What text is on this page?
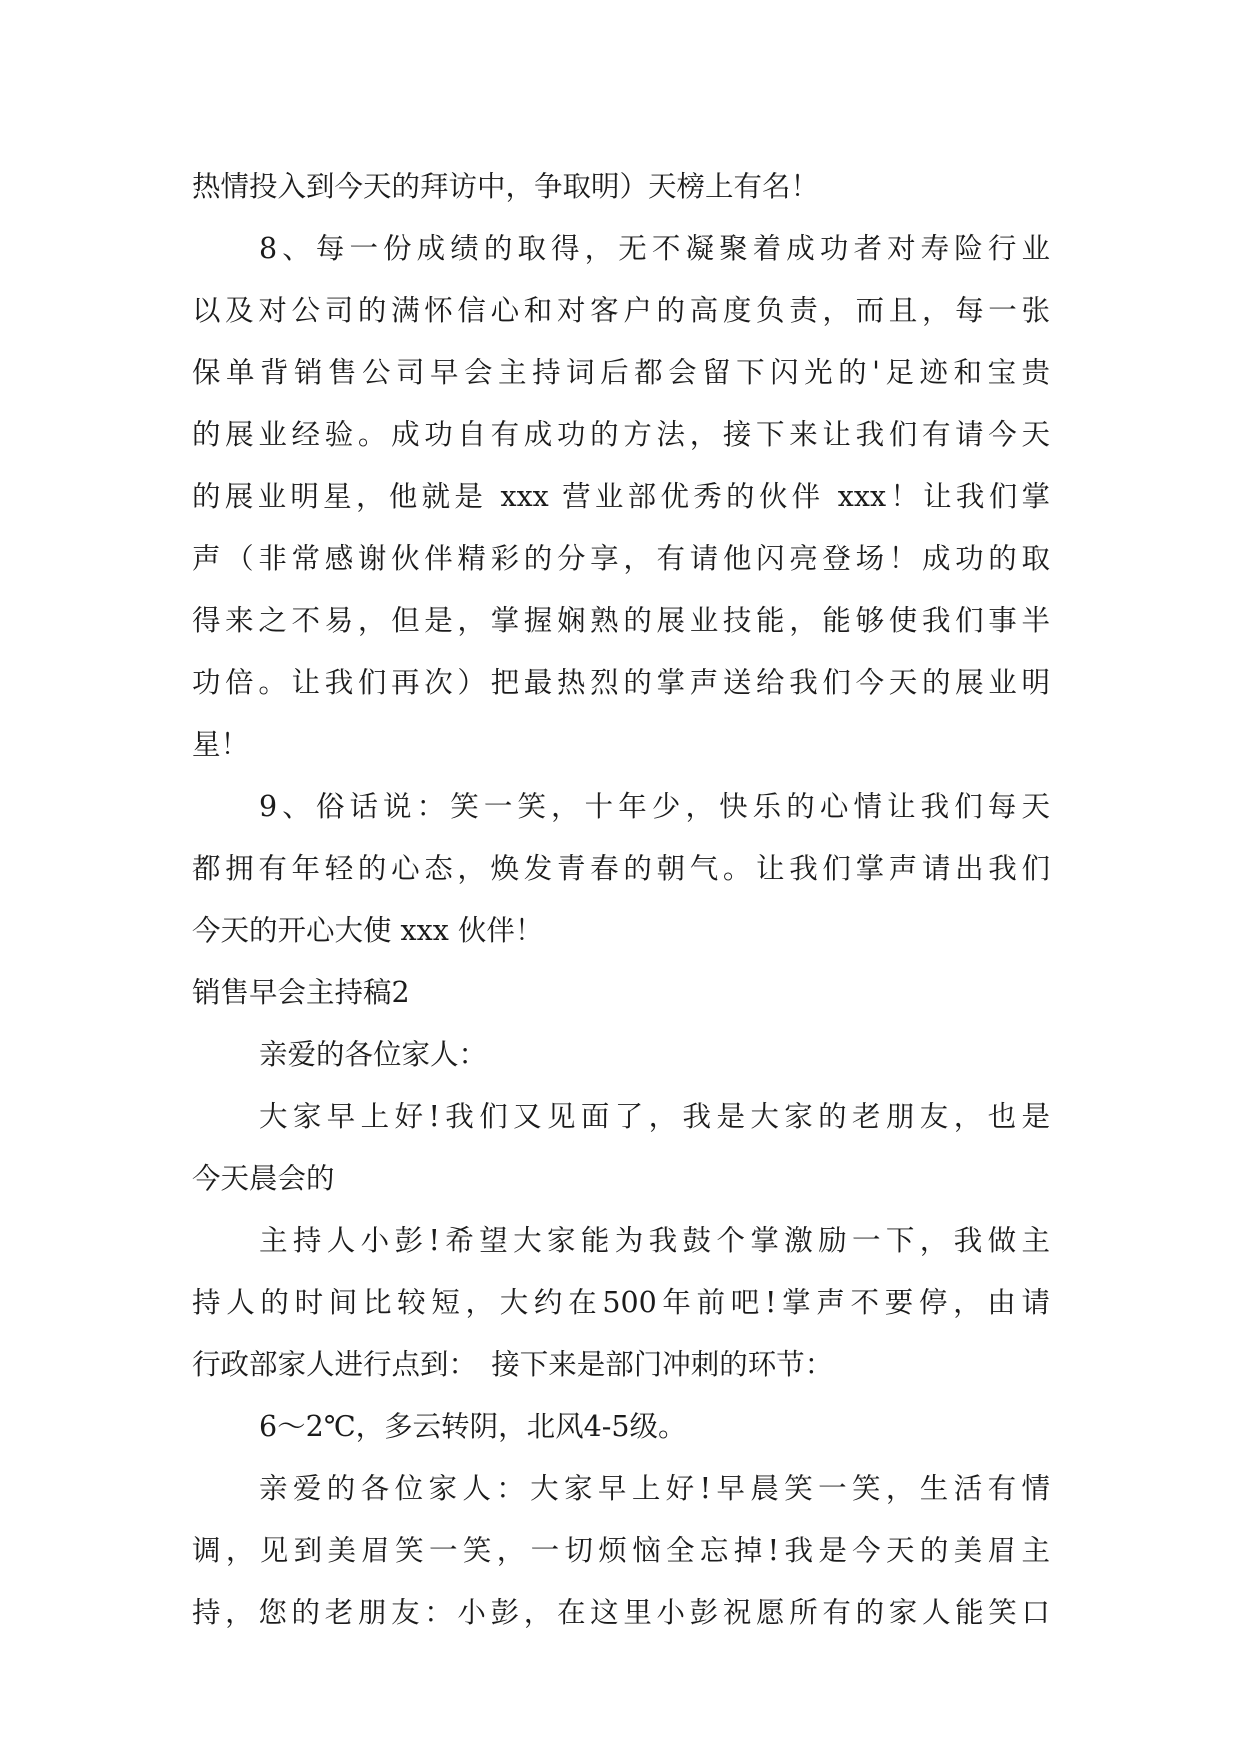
热情投入到今天的拜访中，争取明）天榜上有名！
8、每一份成绩的取得，无不凝聚着成功者对寿险行业
以及对公司的满怀信心和对客户的高度负责，而且，每一张
保单背销售公司早会主持词后都会留下闪光的'足迹和宝贵
的展业经验。成功自有成功的方法，接下来让我们有请今天
的展业明星，他就是 xxx 营业部优秀的伙伴 xxx！让我们掌
声（非常感谢伙伴精彩的分享，有请他闪亮登场！成功的取
得来之不易，但是，掌握娴熟的展业技能，能够使我们事半
功倍。让我们再次）把最热烈的掌声送给我们今天的展业明
星！
9、俗话说：笑一笑，十年少，快乐的心情让我们每天
都拥有年轻的心态，焕发青春的朝气。让我们掌声请出我们
今天的开心大使 xxx 伙伴！
销售早会主持稿2
亲爱的各位家人：
大家早上好!我们又见面了，我是大家的老朋友，也是
今天晨会的
主持人小彭!希望大家能为我鼓个掌激励一下，我做主
持人的时间比较短，大约在500年前吧!掌声不要停，由请
行政部家人进行点到：　接下来是部门冲刺的环节：
6～2℃，多云转阴，北风4-5级。
亲爱的各位家人：大家早上好!早晨笑一笑，生活有情
调，见到美眉笑一笑，一切烦恼全忘掉!我是今天的美眉主
持，您的老朋友：小彭，在这里小彭祝愿所有的家人能笑口
